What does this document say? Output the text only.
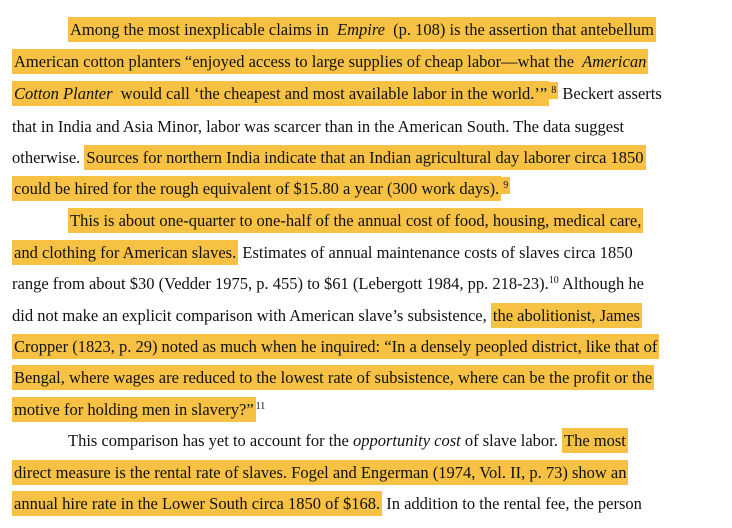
Among the most inexplicable claims in Empire (p. 108) is the assertion that antebellum
American cotton planters “enjoyed access to large supplies of cheap labor—what the American
Cotton Planter would call ‘the cheapest and most available labor in the world.’” $^8$ Beckert asserts
that in India and Asia Minor, labor was scarcer than in the American South. The data suggest
otherwise. Sources for northern India indicate that an Indian agricultural day laborer circa 1850
could be hired for the rough equivalent of $15.80 a year (300 work days). $^9$
This is about one-quarter to one-half of the annual cost of food, housing, medical care,
and clothing for American slaves. Estimates of annual maintenance costs of slaves circa 1850
range from about $30 (Vedder 1975, p. 455) to $61 (Lebergott 1984, pp. 218-23).$^{10}$ Although he
did not make an explicit comparison with American slave’s subsistence, the abolitionist, James
Cropper (1823, p. 29) noted as much when he inquired: “In a densely peopled district, like that of
Bengal, where wages are reduced to the lowest rate of subsistence, where can be the profit or the
motive for holding men in slavery?” $^{11}$
This comparison has yet to account for the opportunity cost of slave labor. The most
direct measure is the rental rate of slaves. Fogel and Engerman (1974, Vol. II, p. 73) show an
annual hire rate in the Lower South circa 1850 of $168. In addition to the rental fee, the person
